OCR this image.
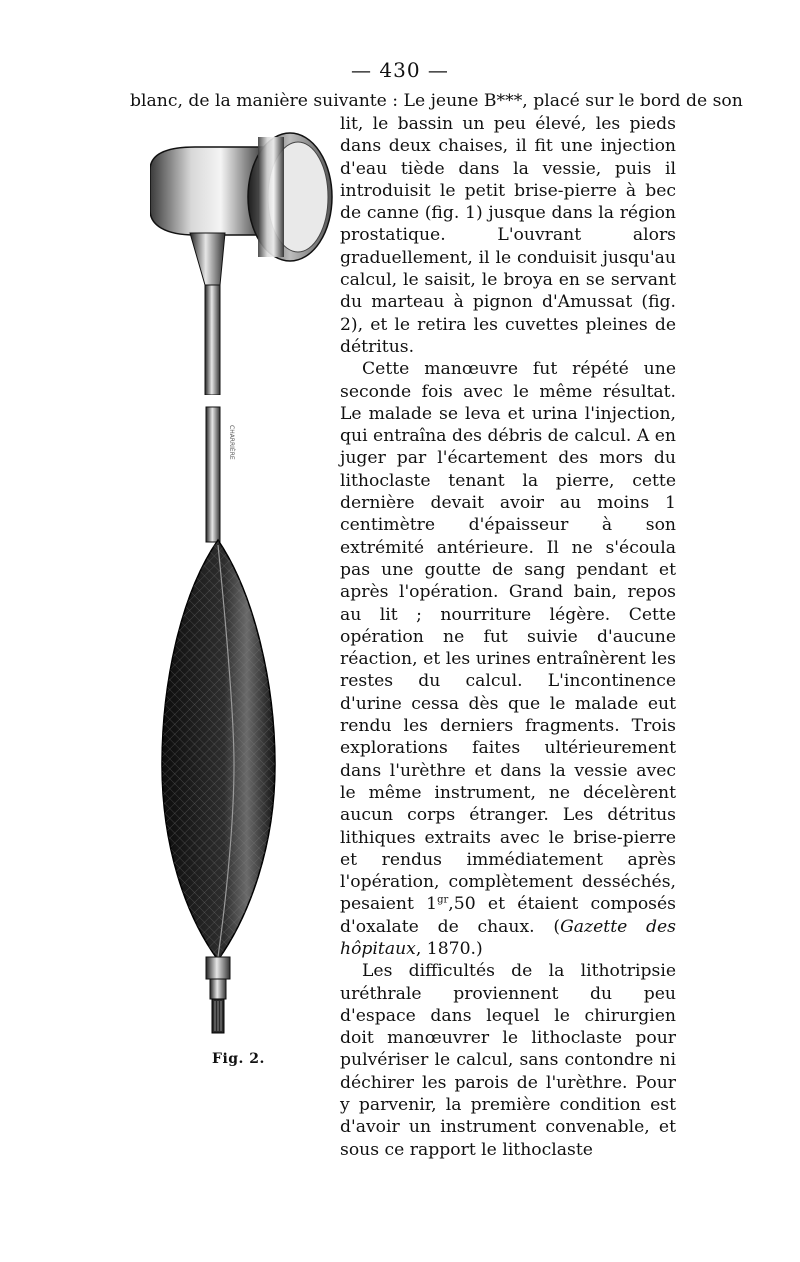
— 430 —
blanc, de la manière suivante : Le jeune B***, placé sur le bord de son
CHARRIÈRE
Fig. 2.

lit, le bassin un peu élevé, les pieds dans deux chaises, il fit une injection d'eau tiède dans la vessie, puis il introduisit le petit brise-pierre à bec de canne (fig. 1) jusque dans la région prostatique. L'ouvrant alors graduellement, il le conduisit jusqu'au calcul, le saisit, le broya en se servant du marteau à pignon d'Amussat (fig. 2), et le retira les cuvettes pleines de détritus.

Cette manœuvre fut répété une seconde fois avec le même résultat. Le malade se leva et urina l'injection, qui entraîna des débris de calcul. A en juger par l'écartement des mors du lithoclaste tenant la pierre, cette dernière devait avoir au moins 1 centimètre d'épaisseur à son extrémité antérieure. Il ne s'écoula pas une goutte de sang pendant et après l'opération. Grand bain, repos au lit ; nourriture légère. Cette opération ne fut suivie d'aucune réaction, et les urines entraînèrent les restes du calcul. L'incontinence d'urine cessa dès que le malade eut rendu les derniers fragments. Trois explorations faites ultérieurement dans l'urèthre et dans la vessie avec le même instrument, ne décelèrent aucun corps étranger. Les détritus lithiques extraits avec le brise-pierre et rendus immédiatement après l'opération, complètement desséchés, pesaient $1^{gr},50$ et étaient composés d'oxalate de chaux. (Gazette des hôpitaux, 1870.)

Les difficultés de la lithotripsie uréthrale proviennent du peu d'espace dans lequel le chirurgien doit manœuvrer le lithoclaste pour pulvériser le calcul, sans contondre ni déchirer les parois de l'urèthre. Pour y parvenir, la première condition est d'avoir un instrument convenable, et sous ce rapport le lithoclaste
